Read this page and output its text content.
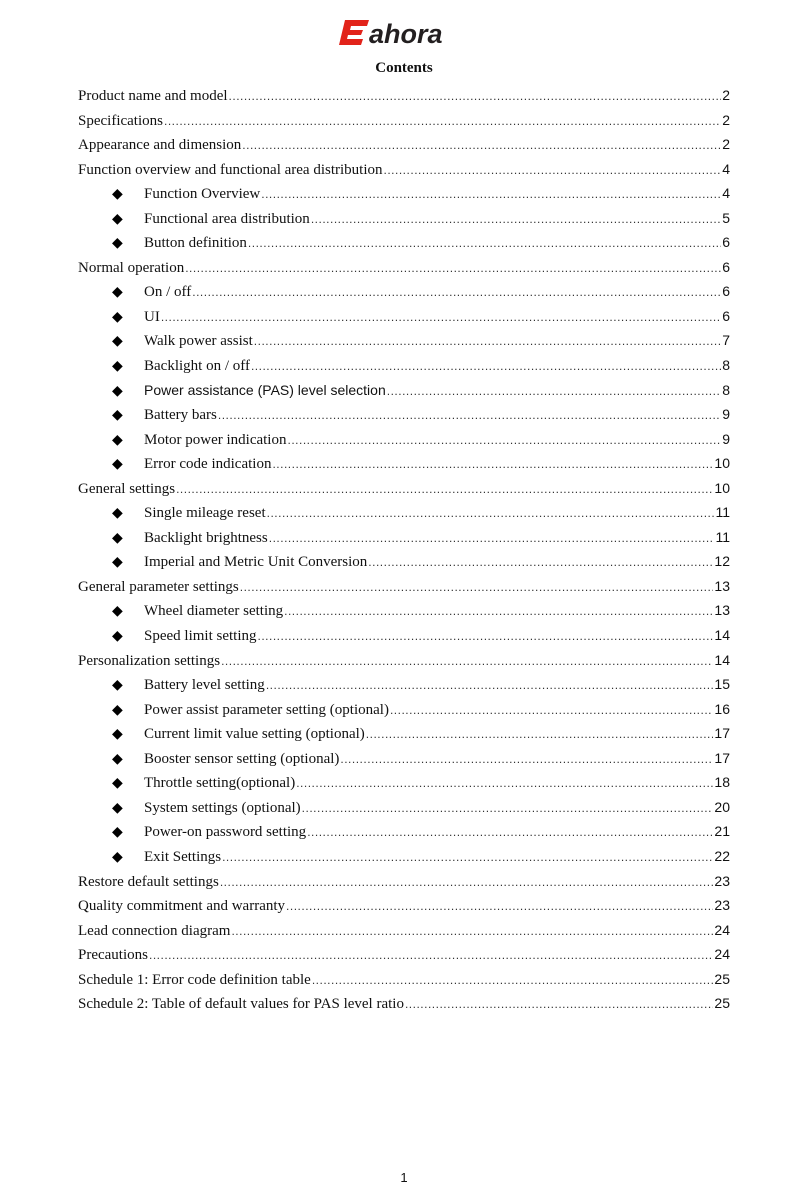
ahora
Contents
Product name and model .....	2
Specifications .....	2
Appearance and dimension .....	2
Function overview and functional area distribution .....	4
◆	Function Overview .....	4
◆	Functional area distribution .....	5
◆	Button definition .....	6
Normal operation .....	6
◆	On / off .....	6
◆	UI .....	6
◆	Walk power assist .....	7
◆	Backlight on / off .....	8
◆	Power assistance (PAS) level selection .....	8
◆	Battery bars .....	9
◆	Motor power indication .....	9
◆	Error code indication .....	10
General settings .....	10
◆	Single mileage reset .....	11
◆	Backlight brightness .....	11
◆	Imperial and Metric Unit Conversion .....	12
General parameter settings .....	13
◆	Wheel diameter setting .....	13
◆	Speed limit setting .....	14
Personalization settings .....	14
◆	Battery level setting .....	15
◆	Power assist parameter setting (optional) .....	16
◆	Current limit value setting (optional) .....	17
◆	Booster sensor setting (optional) .....	17
◆	Throttle setting(optional) .....	18
◆	System settings (optional) .....	20
◆	Power-on password setting .....	21
◆	Exit Settings .....	22
Restore default settings .....	23
Quality commitment and warranty .....	23
Lead connection diagram .....	24
Precautions .....	24
Schedule 1: Error code definition table .....	25
Schedule 2: Table of default values for PAS level ratio .....	25
1
